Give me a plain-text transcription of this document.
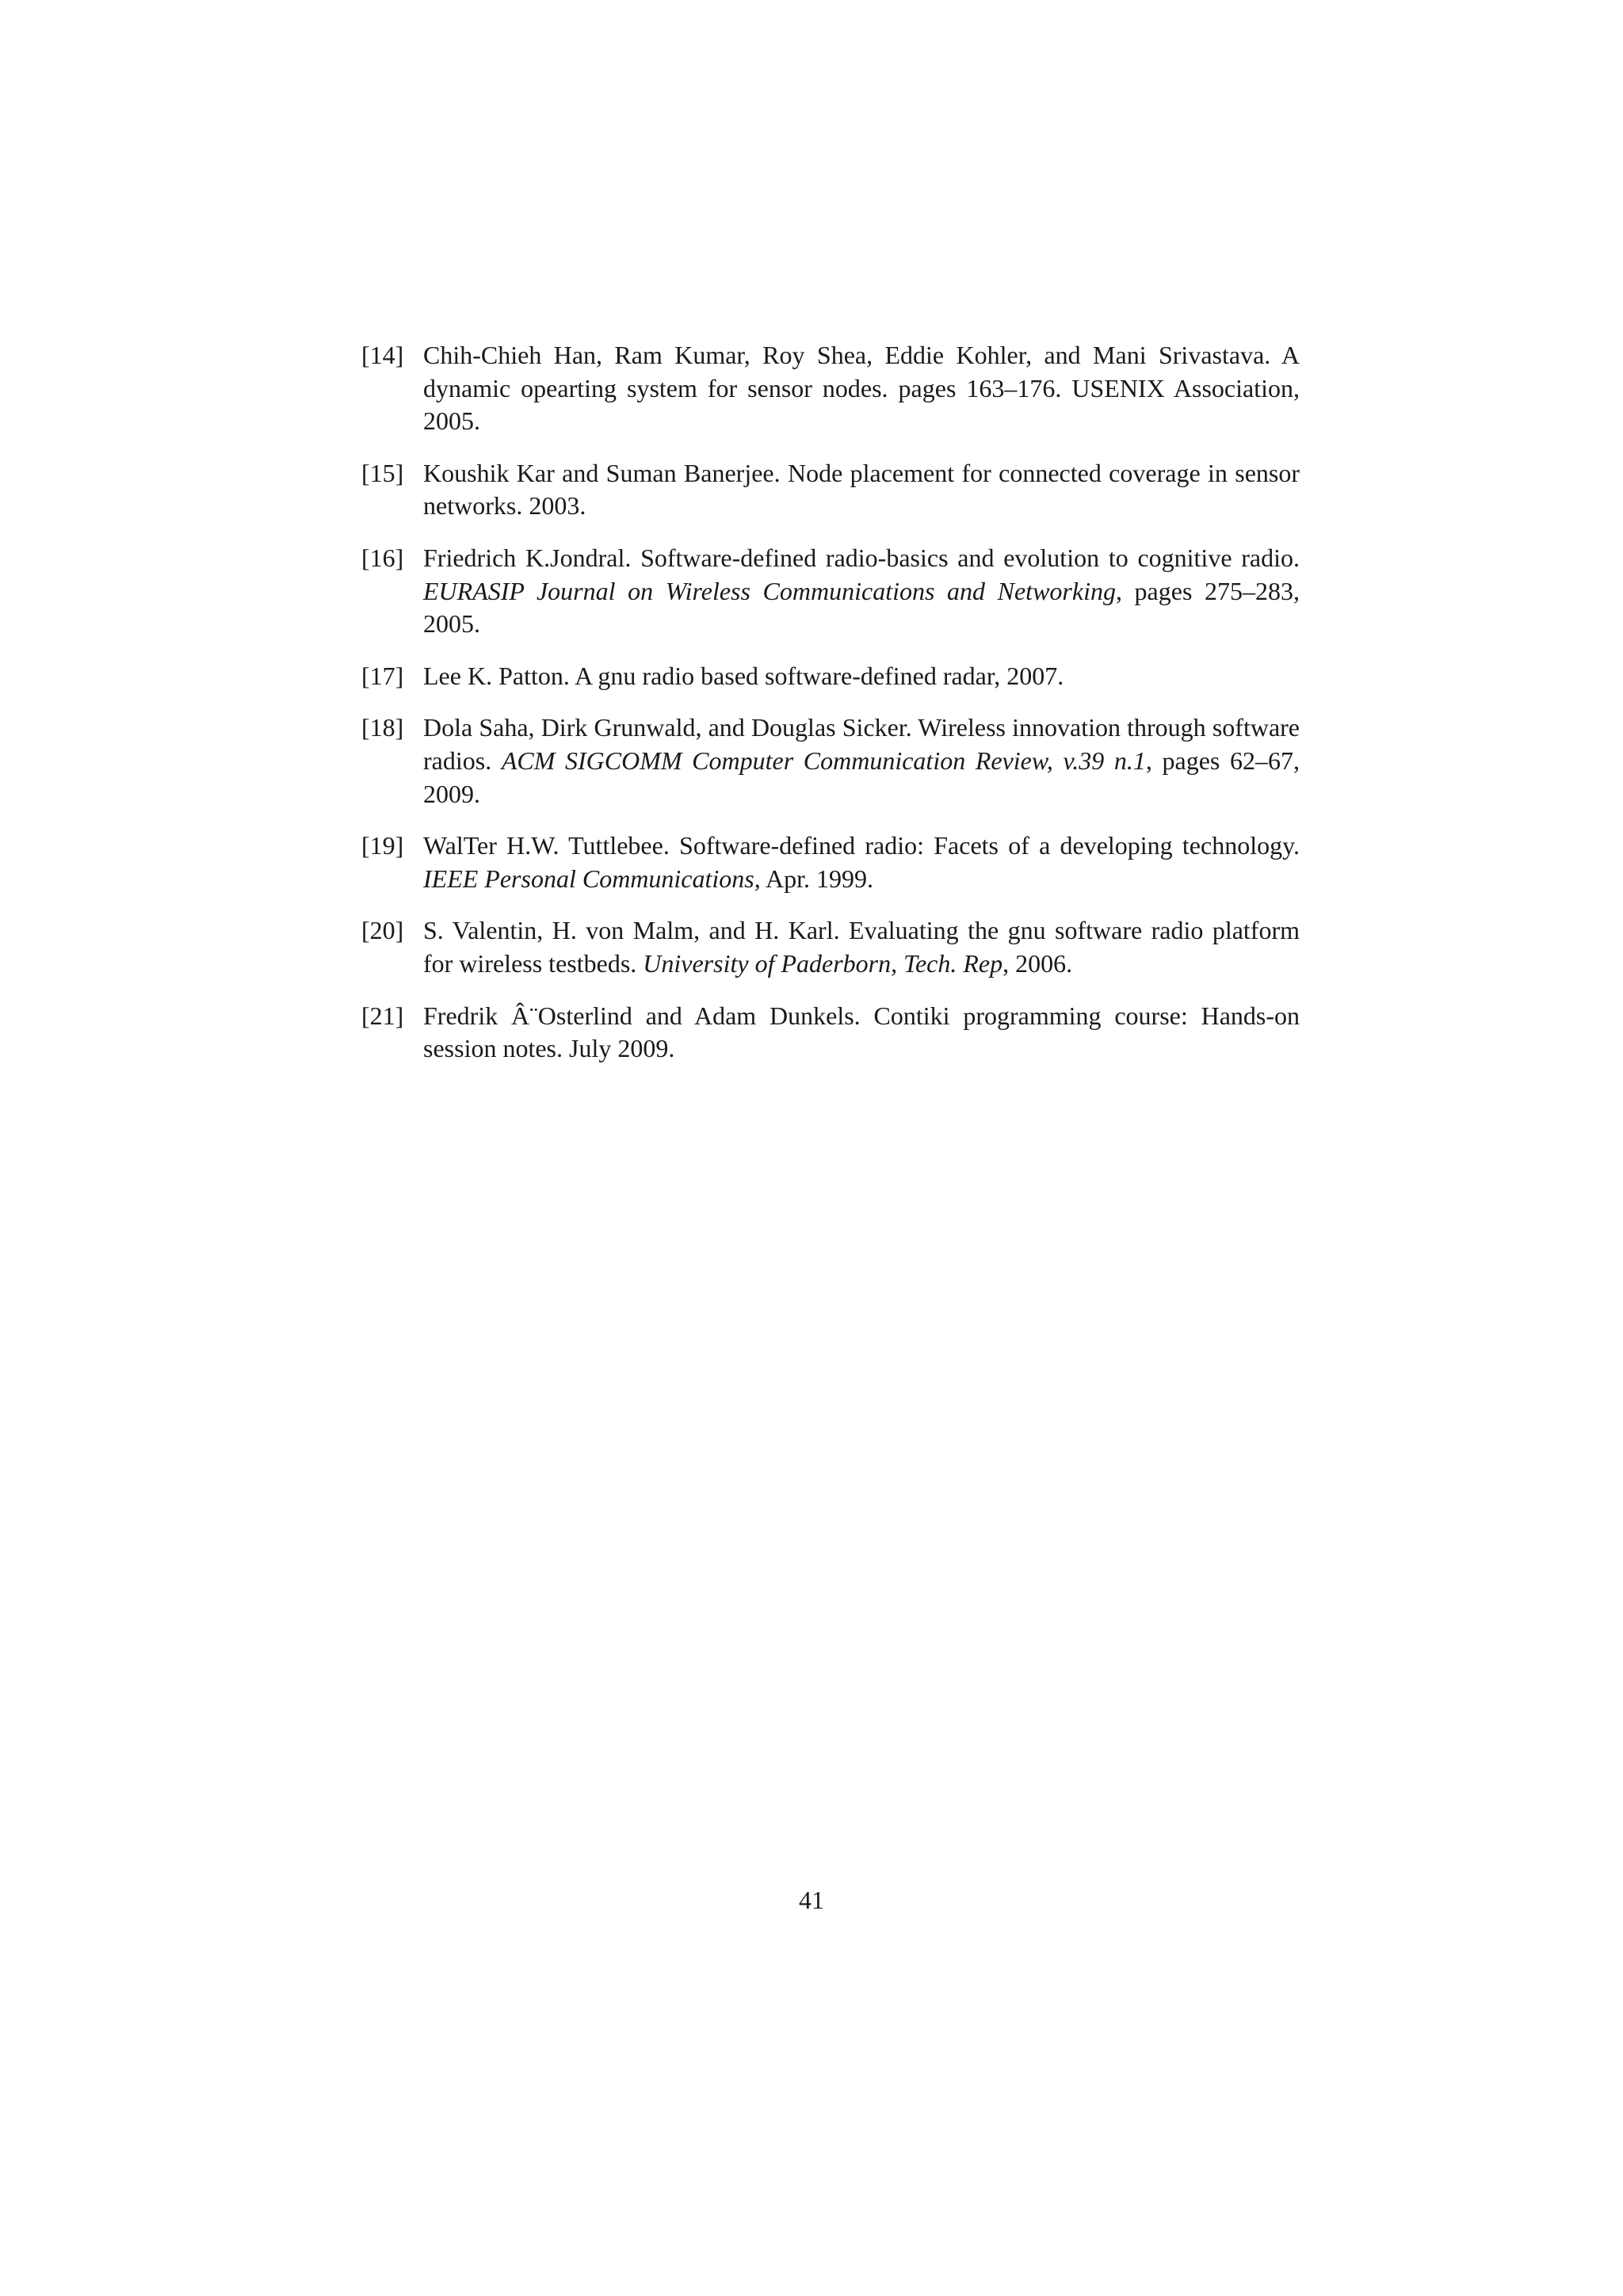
[14] Chih-Chieh Han, Ram Kumar, Roy Shea, Eddie Kohler, and Mani Srivastava. A dynamic opearting system for sensor nodes. pages 163–176. USENIX Association, 2005.
[15] Koushik Kar and Suman Banerjee. Node placement for connected coverage in sensor networks. 2003.
[16] Friedrich K.Jondral. Software-defined radio-basics and evolution to cognitive radio. EURASIP Journal on Wireless Communications and Networking, pages 275–283, 2005.
[17] Lee K. Patton. A gnu radio based software-defined radar, 2007.
[18] Dola Saha, Dirk Grunwald, and Douglas Sicker. Wireless innovation through software radios. ACM SIGCOMM Computer Communication Review, v.39 n.1, pages 62–67, 2009.
[19] WalTer H.W. Tuttlebee. Software-defined radio: Facets of a developing technology. IEEE Personal Communications, Apr. 1999.
[20] S. Valentin, H. von Malm, and H. Karl. Evaluating the gnu software radio platform for wireless testbeds. University of Paderborn, Tech. Rep, 2006.
[21] Fredrik Â¨Osterlind and Adam Dunkels. Contiki programming course: Hands-on session notes. July 2009.
41
